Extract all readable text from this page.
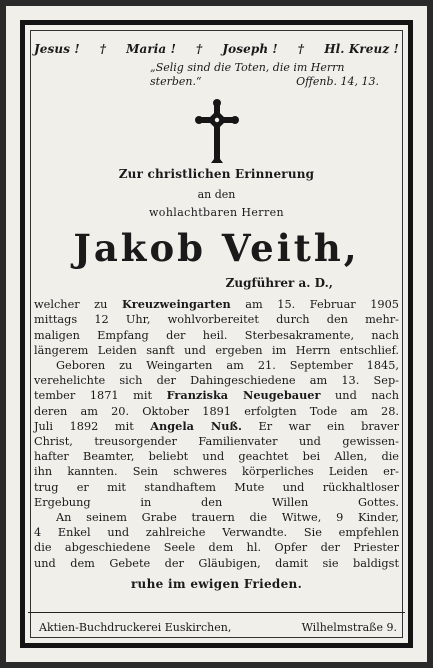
Jesus ! † Maria ! † Joseph ! † Hl. Kreuz !
„Selig sind die Toten, die im Herrn
sterben.“	Offenb. 14, 13.
Zur christlichen Erinnerung
an den
wohlachtbaren Herren
Jakob Veith,
Zugführer a. D.,
welcher zu Kreuzweingarten am 15. Februar 1905
mittags 12 Uhr, wohlvorbereitet durch den mehr-
maligen Empfang der heil. Sterbesakramente, nach
längerem Leiden sanft und ergeben im Herrn entschlief.
Geboren zu Weingarten am 21. September 1845,
verehelichte sich der Dahingeschiedene am 13. Sep-
tember 1871 mit Franziska Neugebauer und nach
deren am 20. Oktober 1891 erfolgten Tode am 28.
Juli 1892 mit Angela Nuß. Er war ein braver
Christ, treusorgender Familienvater und gewissen-
hafter Beamter, beliebt und geachtet bei Allen, die
ihn kannten. Sein schweres körperliches Leiden er-
trug er mit standhaftem Mute und rückhaltloser
Ergebung in den Willen Gottes.
An seinem Grabe trauern die Witwe, 9 Kinder,
4 Enkel und zahlreiche Verwandte. Sie empfehlen
die abgeschiedene Seele dem hl. Opfer der Priester
und dem Gebete der Gläubigen, damit sie baldigst
ruhe im ewigen Frieden.
Aktien-Buchdruckerei Euskirchen,	Wilhelmstraße 9.
